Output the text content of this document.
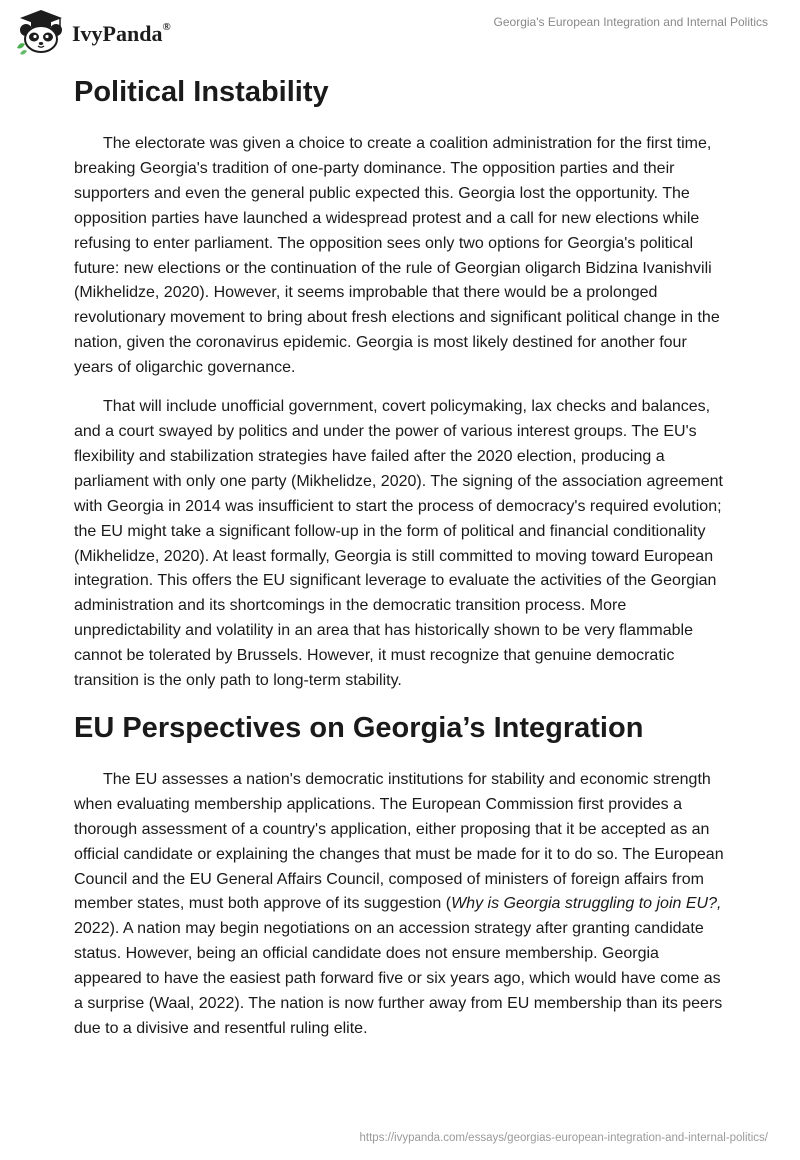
IvyPanda®	Georgia's European Integration and Internal Politics
Political Instability

The electorate was given a choice to create a coalition administration for the first time, breaking Georgia's tradition of one-party dominance. The opposition parties and their supporters and even the general public expected this. Georgia lost the opportunity. The opposition parties have launched a widespread protest and a call for new elections while refusing to enter parliament. The opposition sees only two options for Georgia's political future: new elections or the continuation of the rule of Georgian oligarch Bidzina Ivanishvili (Mikhelidze, 2020). However, it seems improbable that there would be a prolonged revolutionary movement to bring about fresh elections and significant political change in the nation, given the coronavirus epidemic. Georgia is most likely destined for another four years of oligarchic governance.

That will include unofficial government, covert policymaking, lax checks and balances, and a court swayed by politics and under the power of various interest groups. The EU's flexibility and stabilization strategies have failed after the 2020 election, producing a parliament with only one party (Mikhelidze, 2020). The signing of the association agreement with Georgia in 2014 was insufficient to start the process of democracy's required evolution; the EU might take a significant follow-up in the form of political and financial conditionality (Mikhelidze, 2020). At least formally, Georgia is still committed to moving toward European integration. This offers the EU significant leverage to evaluate the activities of the Georgian administration and its shortcomings in the democratic transition process. More unpredictability and volatility in an area that has historically shown to be very flammable cannot be tolerated by Brussels. However, it must recognize that genuine democratic transition is the only path to long-term stability.

EU Perspectives on Georgia’s Integration

The EU assesses a nation's democratic institutions for stability and economic strength when evaluating membership applications. The European Commission first provides a thorough assessment of a country's application, either proposing that it be accepted as an official candidate or explaining the changes that must be made for it to do so. The European Council and the EU General Affairs Council, composed of ministers of foreign affairs from member states, must both approve of its suggestion (Why is Georgia struggling to join EU?, 2022). A nation may begin negotiations on an accession strategy after granting candidate status. However, being an official candidate does not ensure membership. Georgia appeared to have the easiest path forward five or six years ago, which would have come as a surprise (Waal, 2022). The nation is now further away from EU membership than its peers due to a divisive and resentful ruling elite.

https://ivypanda.com/essays/georgias-european-integration-and-internal-politics/
